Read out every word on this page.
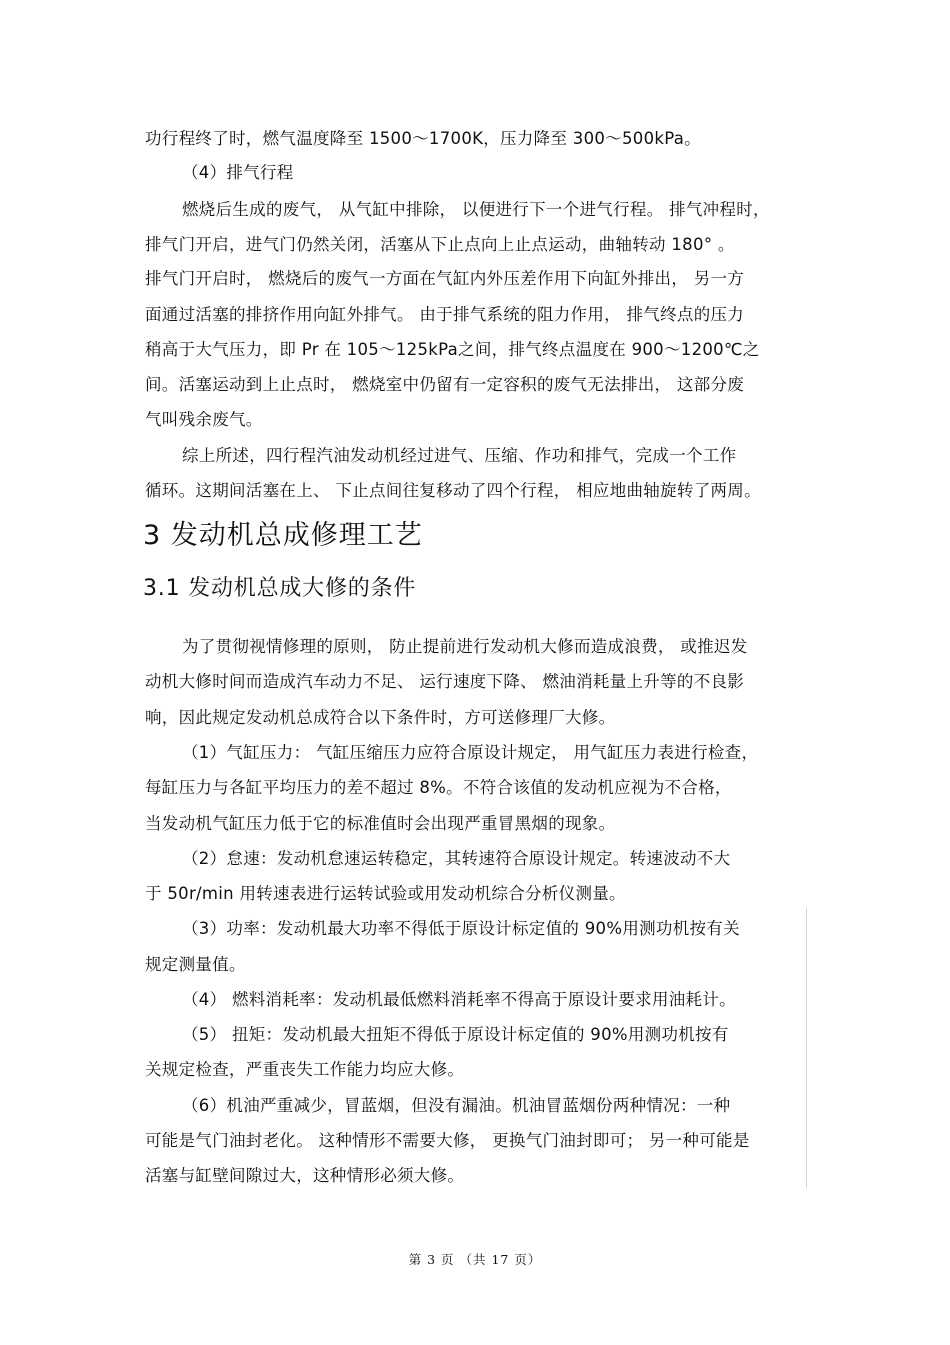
功行程终了时，燃气温度降至 1500～1700K，压力降至 300～500kPa。
（4）排气行程
燃烧后生成的废气， 从气缸中排除， 以便进行下一个进气行程。 排气冲程时，
排气门开启，进气门仍然关闭，活塞从下止点向上止点运动，曲轴转动 180° 。
排气门开启时， 燃烧后的废气一方面在气缸内外压差作用下向缸外排出， 另一方
面通过活塞的排挤作用向缸外排气。 由于排气系统的阻力作用， 排气终点的压力
稍高于大气压力，即 Pr 在 105～125kPa之间，排气终点温度在 900～1200℃之
间。活塞运动到上止点时， 燃烧室中仍留有一定容积的废气无法排出， 这部分废
气叫残余废气。
综上所述，四行程汽油发动机经过进气、压缩、作功和排气，完成一个工作
循环。这期间活塞在上、 下止点间往复移动了四个行程， 相应地曲轴旋转了两周。
3 发动机总成修理工艺
3.1 发动机总成大修的条件
为了贯彻视情修理的原则， 防止提前进行发动机大修而造成浪费， 或推迟发
动机大修时间而造成汽车动力不足、 运行速度下降、 燃油消耗量上升等的不良影
响，因此规定发动机总成符合以下条件时，方可送修理厂大修。
（1）气缸压力： 气缸压缩压力应符合原设计规定， 用气缸压力表进行检查，
每缸压力与各缸平均压力的差不超过 8%。不符合该值的发动机应视为不合格，
当发动机气缸压力低于它的标准值时会出现严重冒黑烟的现象。
（2）怠速：发动机怠速运转稳定，其转速符合原设计规定。转速波动不大
于 50r/min 用转速表进行运转试验或用发动机综合分析仪测量。
（3）功率：发动机最大功率不得低于原设计标定值的 90%用测功机按有关
规定测量值。
（4） 燃料消耗率：发动机最低燃料消耗率不得高于原设计要求用油耗计。
（5） 扭矩：发动机最大扭矩不得低于原设计标定值的 90%用测功机按有
关规定检查，严重丧失工作能力均应大修。
（6）机油严重减少，冒蓝烟，但没有漏油。机油冒蓝烟份两种情况：一种
可能是气门油封老化。 这种情形不需要大修， 更换气门油封即可； 另一种可能是
活塞与缸壁间隙过大，这种情形必须大修。
第 3 页 （共 17 页）
